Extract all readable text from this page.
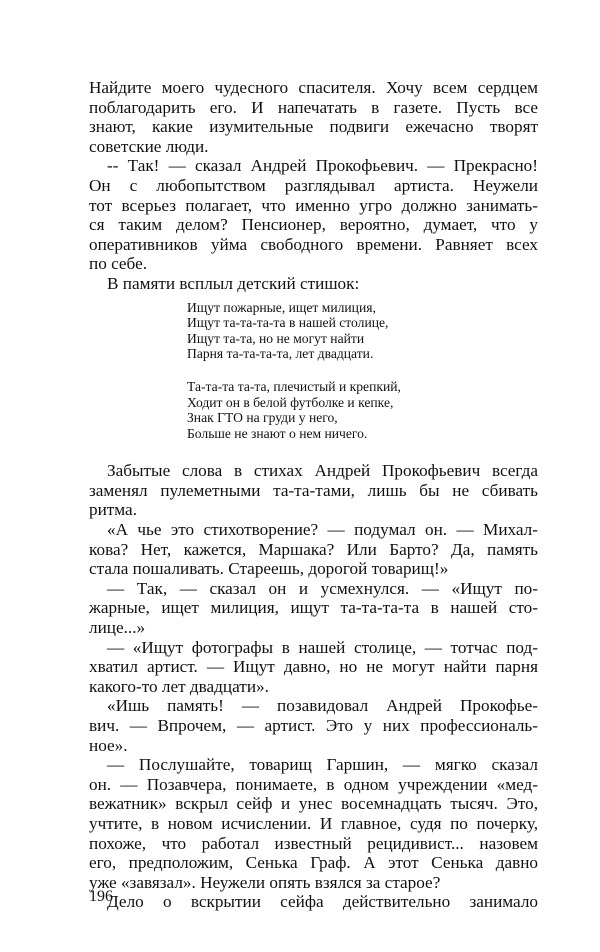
Найдите моего чудесного спасителя. Хочу всем сердцем
поблагодарить его. И напечатать в газете. Пусть все
знают, какие изумительные подвиги ежечасно творят
советские люди.
-- Так! — сказал Андрей Прокофьевич. — Прекрасно!
Он с любопытством разглядывал артиста. Неужели
тот всерьез полагает, что именно угро должно занимать-
ся таким делом? Пенсионер, вероятно, думает, что у
оперативников уйма свободного времени. Равняет всех
по себе.
В памяти всплыл детский стишок:
Ищут пожарные, ищет милиция,
Ищут та-та-та-та в нашей столице,
Ищут та-та, но не могут найти
Парня та-та-та-та, лет двадцати.
Та-та-та та-та, плечистый и крепкий,
Ходит он в белой футболке и кепке,
Знак ГТО на груди у него,
Больше не знают о нем ничего.
Забытые слова в стихах Андрей Прокофьевич всегда
заменял пулеметными та-та-тами, лишь бы не сбивать
ритма.
«А чье это стихотворение? — подумал он. — Михал-
кова? Нет, кажется, Маршака? Или Барто? Да, память
стала пошаливать. Стареешь, дорогой товарищ!»
— Так, — сказал он и усмехнулся. — «Ищут по-
жарные, ищет милиция, ищут та-та-та-та в нашей сто-
лице...»
— «Ищут фотографы в нашей столице, — тотчас под-
хватил артист. — Ищут давно, но не могут найти парня
какого-то лет двадцати».
«Ишь память! — позавидовал Андрей Прокофье-
вич. — Впрочем, — артист. Это у них профессиональ-
ное».
— Послушайте, товарищ Гаршин, — мягко сказал
он. — Позавчера, понимаете, в одном учреждении «мед-
вежатник» вскрыл сейф и унес восемнадцать тысяч. Это,
учтите, в новом исчислении. И главное, судя по почерку,
похоже, что работал известный рецидивист... назовем
его, предположим, Сенька Граф. А этот Сенька давно
уже «завязал». Неужели опять взялся за старое?
Дело о вскрытии сейфа действительно занимало
196
